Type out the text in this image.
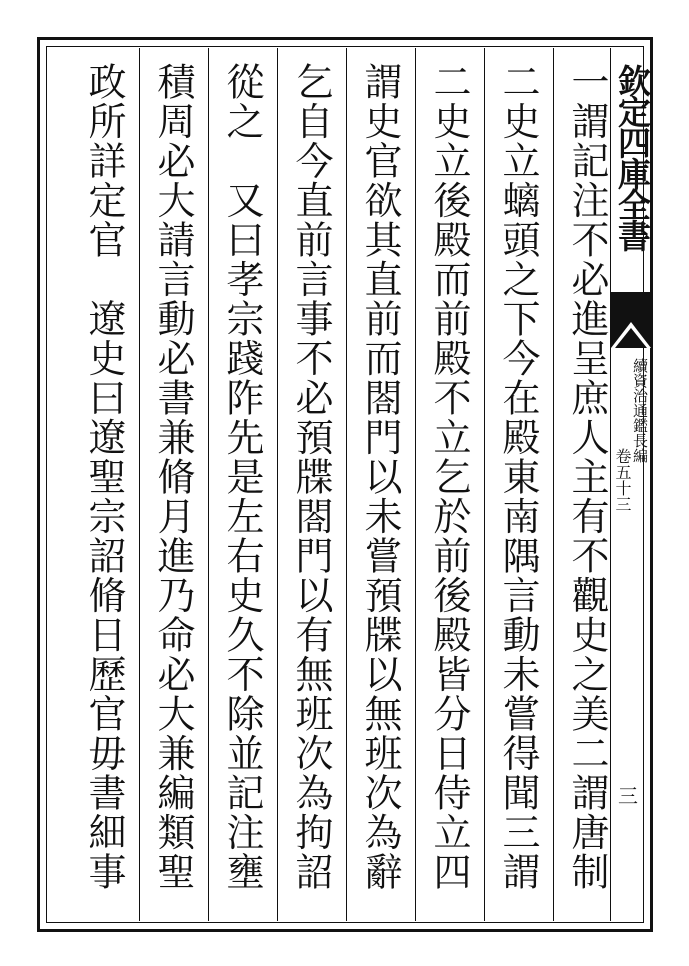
一謂記注不必進呈庶人主有不觀史之美二謂唐制
二史立螭頭之下今在殿東南隅言動未嘗得聞三謂
二史立後殿而前殿不立乞於前後殿皆分日侍立四
謂史官欲其直前而閤門以未嘗預牒以無班次為辭
乞自今直前言事不必預牒閤門以有無班次為拘詔
從之　又曰孝宗踐阼先是左右史久不除並記注壅
積周必大請言動必書兼脩月進乃命必大兼編類聖
政所詳定官　遼史曰遼聖宗詔脩日歷官毋書細事	欽定四庫全書
續資治通鑑長編
卷五十三
三
